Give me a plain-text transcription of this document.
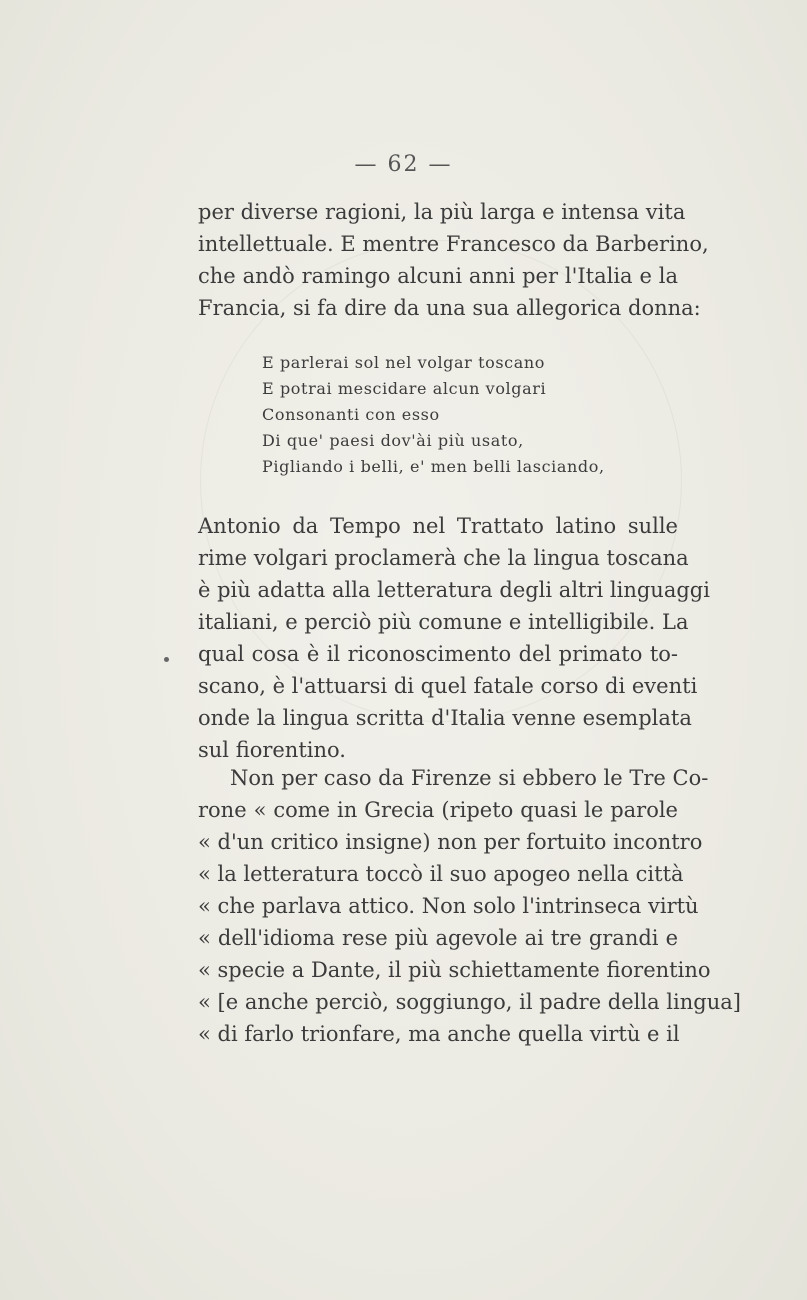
— 62 —
per diverse ragioni, la più larga e intensa vita
intellettuale. E mentre Francesco da Barberino,
che andò ramingo alcuni anni per l'Italia e la
Francia, si fa dire da una sua allegorica donna:
E parlerai sol nel volgar toscano
E potrai mescidare alcun volgari
Consonanti con esso
Di que' paesi dov'ài più usato,
Pigliando i belli, e' men belli lasciando,
Antonio da Tempo nel Trattato latino sulle
rime volgari proclamerà che la lingua toscana
è più adatta alla letteratura degli altri linguaggi
italiani, e perciò più comune e intelligibile. La
qual cosa è il riconoscimento del primato to-
scano, è l'attuarsi di quel fatale corso di eventi
onde la lingua scritta d'Italia venne esemplata
sul fiorentino.
Non per caso da Firenze si ebbero le Tre Co-
rone « come in Grecia (ripeto quasi le parole
« d'un critico insigne) non per fortuito incontro
« la letteratura toccò il suo apogeo nella città
« che parlava attico. Non solo l'intrinseca virtù
« dell'idioma rese più agevole ai tre grandi e
« specie a Dante, il più schiettamente fiorentino
« [e anche perciò, soggiungo, il padre della lingua]
« di farlo trionfare, ma anche quella virtù e il
